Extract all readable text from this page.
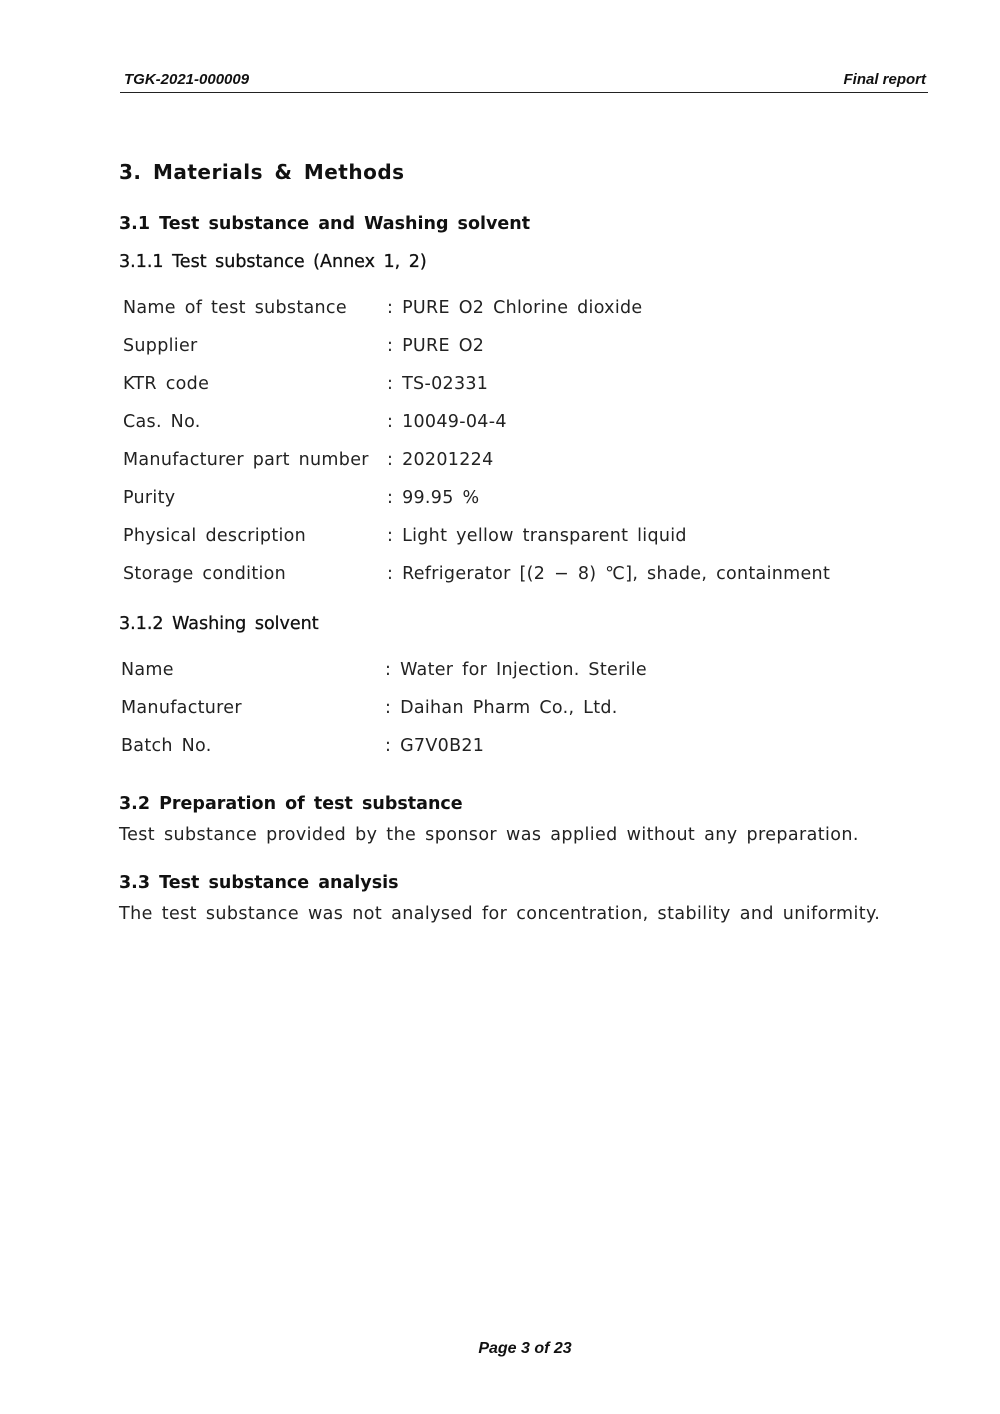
TGK-2021-000009	Final report
3. Materials & Methods
3.1 Test substance and Washing solvent
3.1.1 Test substance (Annex 1, 2)
Name of test substance	: PURE O2 Chlorine dioxide
Supplier	: PURE O2
KTR code	: TS-02331
Cas. No.	: 10049-04-4
Manufacturer part number	: 20201224
Purity	: 99.95 %
Physical description	: Light yellow transparent liquid
Storage condition	: Refrigerator [(2 − 8) ℃], shade, containment
3.1.2 Washing solvent
Name	: Water for Injection. Sterile
Manufacturer	: Daihan Pharm Co., Ltd.
Batch No.	: G7V0B21
3.2 Preparation of test substance
Test substance provided by the sponsor was applied without any preparation.
3.3 Test substance analysis
The test substance was not analysed for concentration, stability and uniformity.
Page 3 of 23
